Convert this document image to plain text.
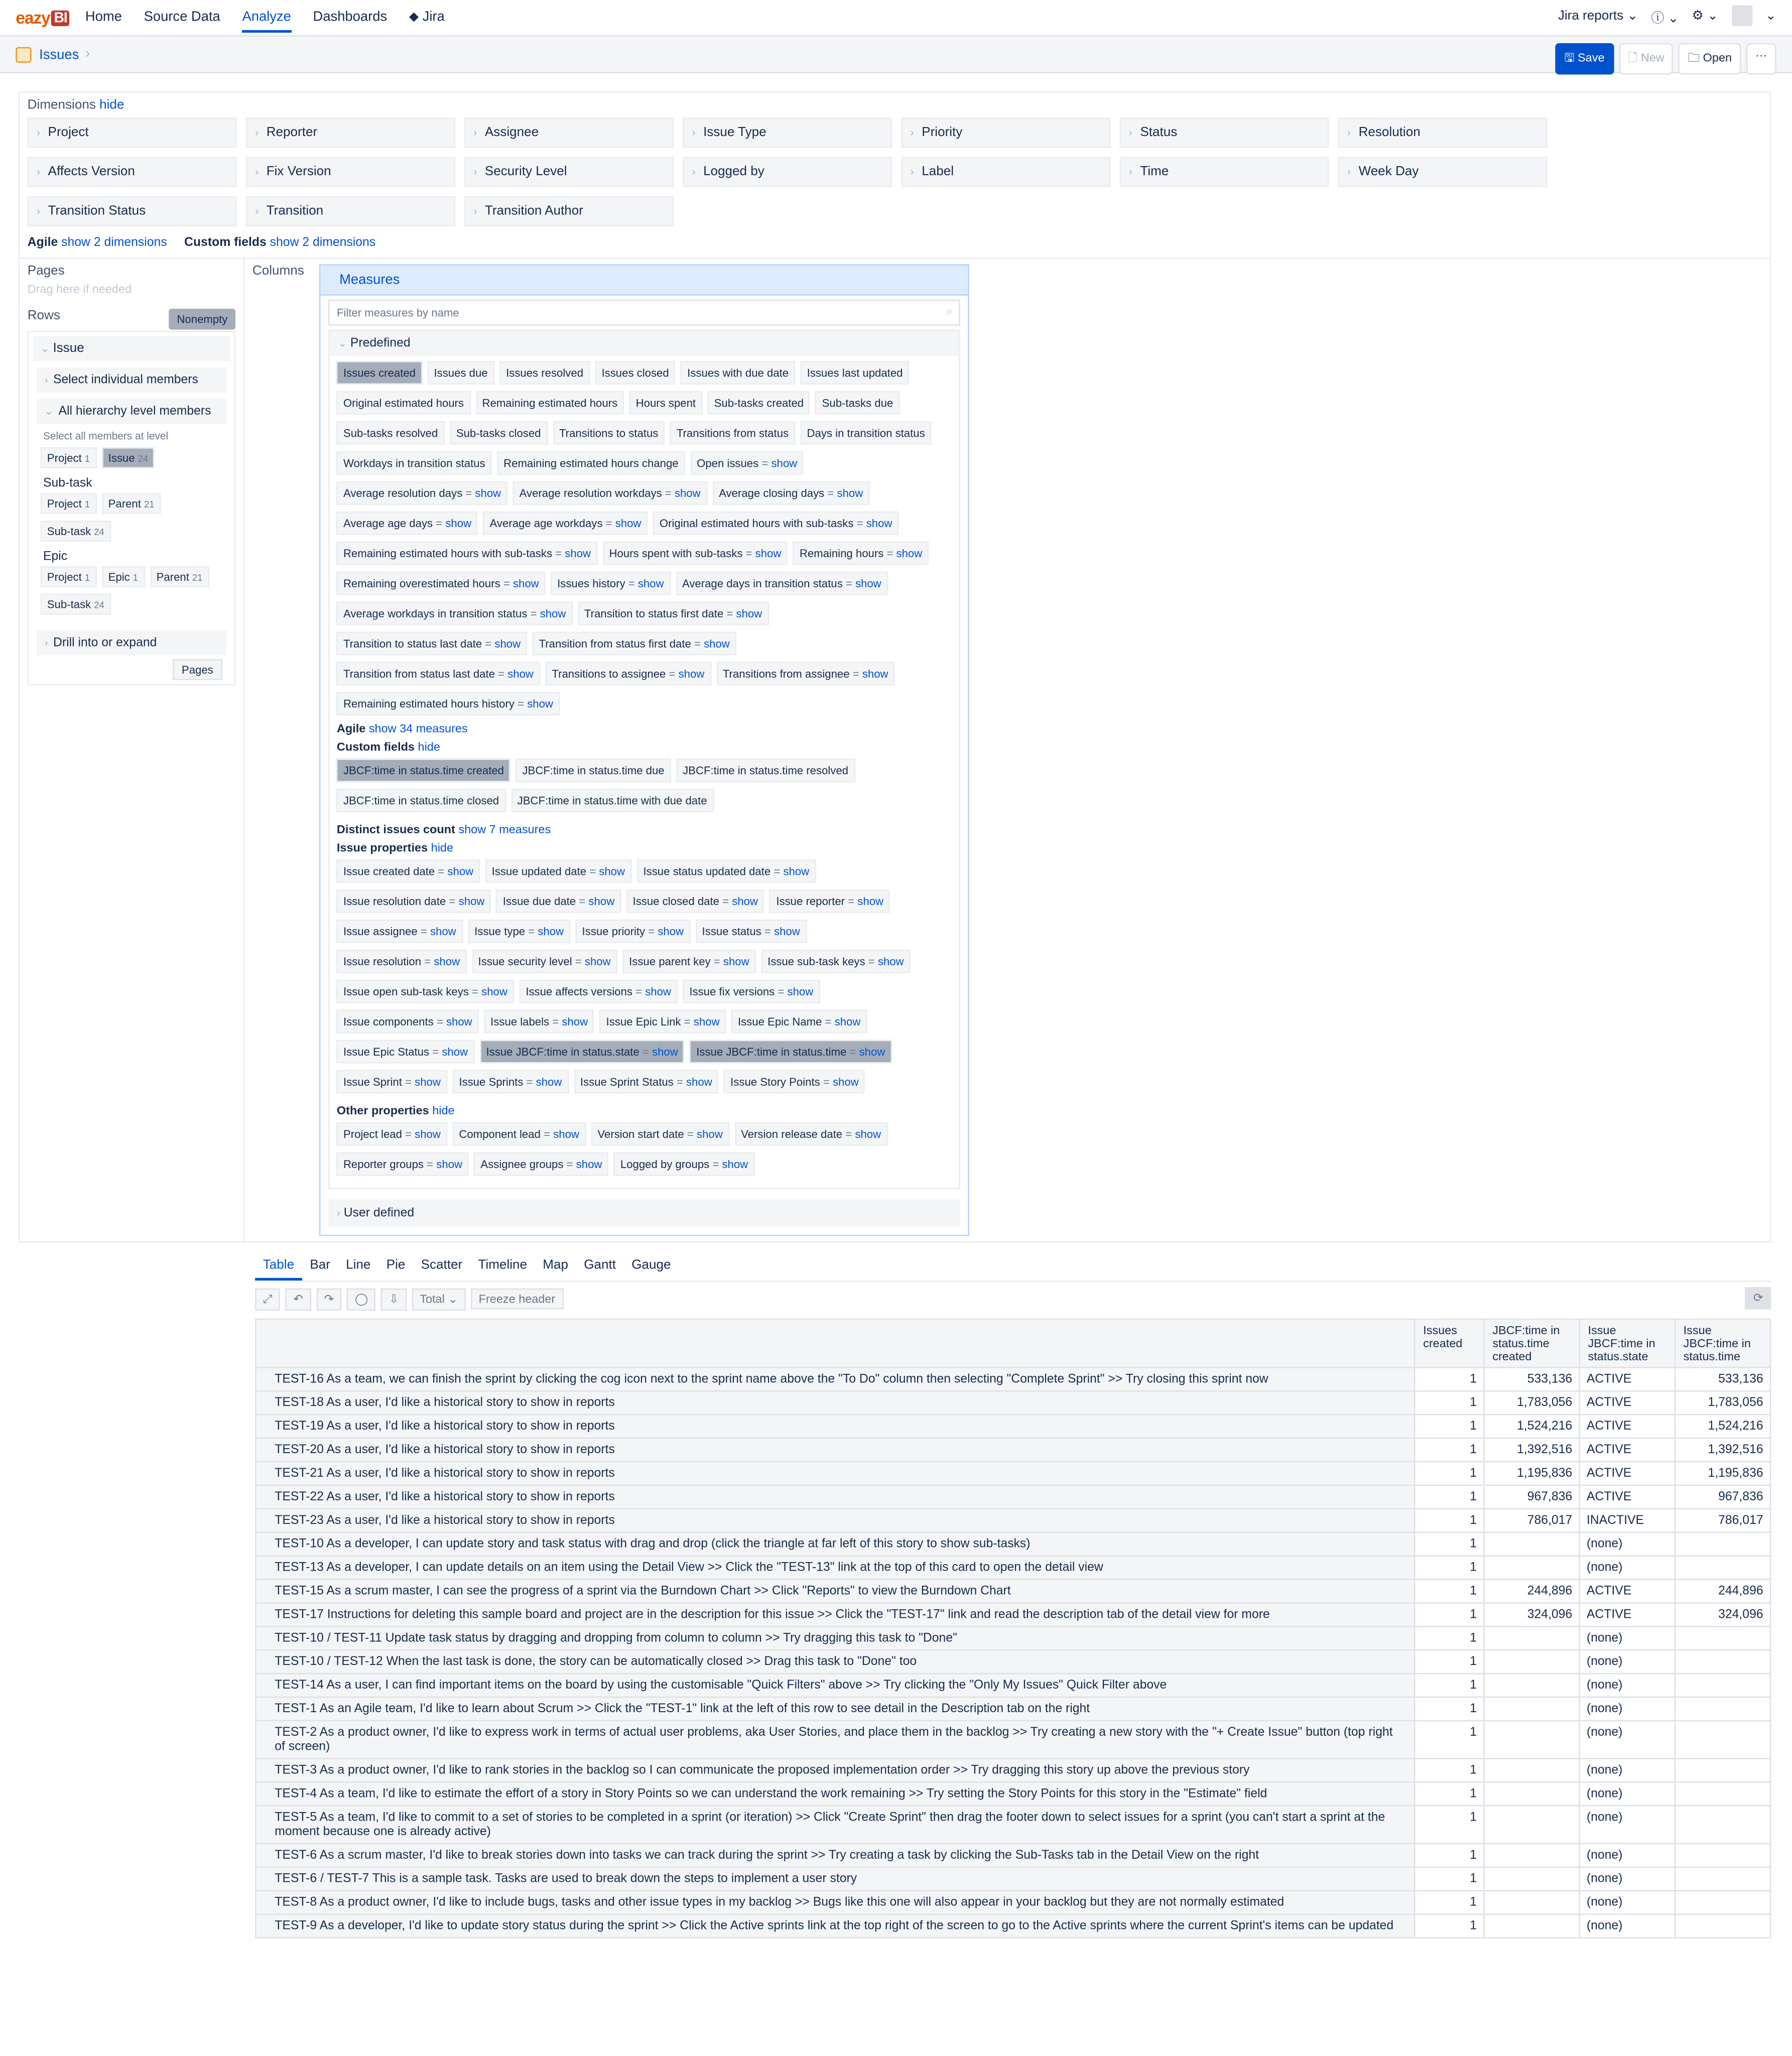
eazy BI	Home	Source Data	Analyze	Dashboards	⬥ Jira	Jira reports ⌄	ⓘ ⌄	⚙ ⌄	⌄
Issues ›	🖫 Save	🗋 New	🗀 Open	···
Dimensions hide
› Project	› Reporter	› Assignee	› Issue Type	› Priority	› Status	› Resolution
› Affects Version	› Fix Version	› Security Level	› Logged by	› Label	› Time	› Week Day
› Transition Status	› Transition	› Transition Author
Agile show 2 dimensions	Custom fields show 2 dimensions
Pages
Drag here if needed
Rows	Nonempty
⌄ Issue
› Select individual members
⌄ All hierarchy level members
Select all members at level
Project 1	Issue 24
Sub-task
Project 1	Parent 21
Sub-task 24
Epic
Project 1	Epic 1	Parent 21
Sub-task 24
› Drill into or expand
Pages
Columns
Measures
Filter measures by name	⌕
⌄ Predefined
Issues created	Issues due	Issues resolved	Issues closed	Issues with due date	Issues last updated
Original estimated hours	Remaining estimated hours	Hours spent	Sub-tasks created	Sub-tasks due
Sub-tasks resolved	Sub-tasks closed	Transitions to status	Transitions from status	Days in transition status
Workdays in transition status	Remaining estimated hours change	Open issues = show
Average resolution days = show	Average resolution workdays = show	Average closing days = show
Average age days = show	Average age workdays = show	Original estimated hours with sub-tasks = show
Remaining estimated hours with sub-tasks = show	Hours spent with sub-tasks = show	Remaining hours = show
Remaining overestimated hours = show	Issues history = show	Average days in transition status = show
Average workdays in transition status = show	Transition to status first date = show
Transition to status last date = show	Transition from status first date = show
Transition from status last date = show	Transitions to assignee = show	Transitions from assignee = show
Remaining estimated hours history = show
Agile show 34 measures
Custom fields hide
JBCF:time in status.time created	JBCF:time in status.time due	JBCF:time in status.time resolved
JBCF:time in status.time closed	JBCF:time in status.time with due date
Distinct issues count show 7 measures
Issue properties hide
Issue created date = show	Issue updated date = show	Issue status updated date = show
Issue resolution date = show	Issue due date = show	Issue closed date = show	Issue reporter = show
Issue assignee = show	Issue type = show	Issue priority = show	Issue status = show
Issue resolution = show	Issue security level = show	Issue parent key = show	Issue sub-task keys = show
Issue open sub-task keys = show	Issue affects versions = show	Issue fix versions = show
Issue components = show	Issue labels = show	Issue Epic Link = show	Issue Epic Name = show
Issue Epic Status = show	Issue JBCF:time in status.state = show	Issue JBCF:time in status.time = show
Issue Sprint = show	Issue Sprints = show	Issue Sprint Status = show	Issue Story Points = show
Other properties hide
Project lead = show	Component lead = show	Version start date = show	Version release date = show
Reporter groups = show	Assignee groups = show	Logged by groups = show
› User defined
Table	Bar	Line	Pie	Scatter	Timeline	Map	Gantt	Gauge
⤢	↶	↷	◯	⇩	Total ⌄	Freeze header	⟳
	Issues created	JBCF:time in status.time created	Issue JBCF:time in status.state	Issue JBCF:time in status.time
TEST-16 As a team, we can finish the sprint by clicking the cog icon next to the sprint name above the "To Do" column then selecting "Complete Sprint" >> Try closing this sprint now	1	533,136	ACTIVE	533,136
TEST-18 As a user, I'd like a historical story to show in reports	1	1,783,056	ACTIVE	1,783,056
TEST-19 As a user, I'd like a historical story to show in reports	1	1,524,216	ACTIVE	1,524,216
TEST-20 As a user, I'd like a historical story to show in reports	1	1,392,516	ACTIVE	1,392,516
TEST-21 As a user, I'd like a historical story to show in reports	1	1,195,836	ACTIVE	1,195,836
TEST-22 As a user, I'd like a historical story to show in reports	1	967,836	ACTIVE	967,836
TEST-23 As a user, I'd like a historical story to show in reports	1	786,017	INACTIVE	786,017
TEST-10 As a developer, I can update story and task status with drag and drop (click the triangle at far left of this story to show sub-tasks)	1		(none)	
TEST-13 As a developer, I can update details on an item using the Detail View >> Click the "TEST-13" link at the top of this card to open the detail view	1		(none)	
TEST-15 As a scrum master, I can see the progress of a sprint via the Burndown Chart >> Click "Reports" to view the Burndown Chart	1	244,896	ACTIVE	244,896
TEST-17 Instructions for deleting this sample board and project are in the description for this issue >> Click the "TEST-17" link and read the description tab of the detail view for more	1	324,096	ACTIVE	324,096
TEST-10 / TEST-11 Update task status by dragging and dropping from column to column >> Try dragging this task to "Done"	1		(none)	
TEST-10 / TEST-12 When the last task is done, the story can be automatically closed >> Drag this task to "Done" too	1		(none)	
TEST-14 As a user, I can find important items on the board by using the customisable "Quick Filters" above >> Try clicking the "Only My Issues" Quick Filter above	1		(none)	
TEST-1 As an Agile team, I'd like to learn about Scrum >> Click the "TEST-1" link at the left of this row to see detail in the Description tab on the right	1		(none)	
TEST-2 As a product owner, I'd like to express work in terms of actual user problems, aka User Stories, and place them in the backlog >> Try creating a new story with the "+ Create Issue" button (top right of screen)	1		(none)	
TEST-3 As a product owner, I'd like to rank stories in the backlog so I can communicate the proposed implementation order >> Try dragging this story up above the previous story	1		(none)	
TEST-4 As a team, I'd like to estimate the effort of a story in Story Points so we can understand the work remaining >> Try setting the Story Points for this story in the "Estimate" field	1		(none)	
TEST-5 As a team, I'd like to commit to a set of stories to be completed in a sprint (or iteration) >> Click "Create Sprint" then drag the footer down to select issues for a sprint (you can't start a sprint at the moment because one is already active)	1		(none)	
TEST-6 As a scrum master, I'd like to break stories down into tasks we can track during the sprint >> Try creating a task by clicking the Sub-Tasks tab in the Detail View on the right	1		(none)	
TEST-6 / TEST-7 This is a sample task. Tasks are used to break down the steps to implement a user story	1		(none)	
TEST-8 As a product owner, I'd like to include bugs, tasks and other issue types in my backlog >> Bugs like this one will also appear in your backlog but they are not normally estimated	1		(none)	
TEST-9 As a developer, I'd like to update story status during the sprint >> Click the Active sprints link at the top right of the screen to go to the Active sprints where the current Sprint's items can be updated	1		(none)	
